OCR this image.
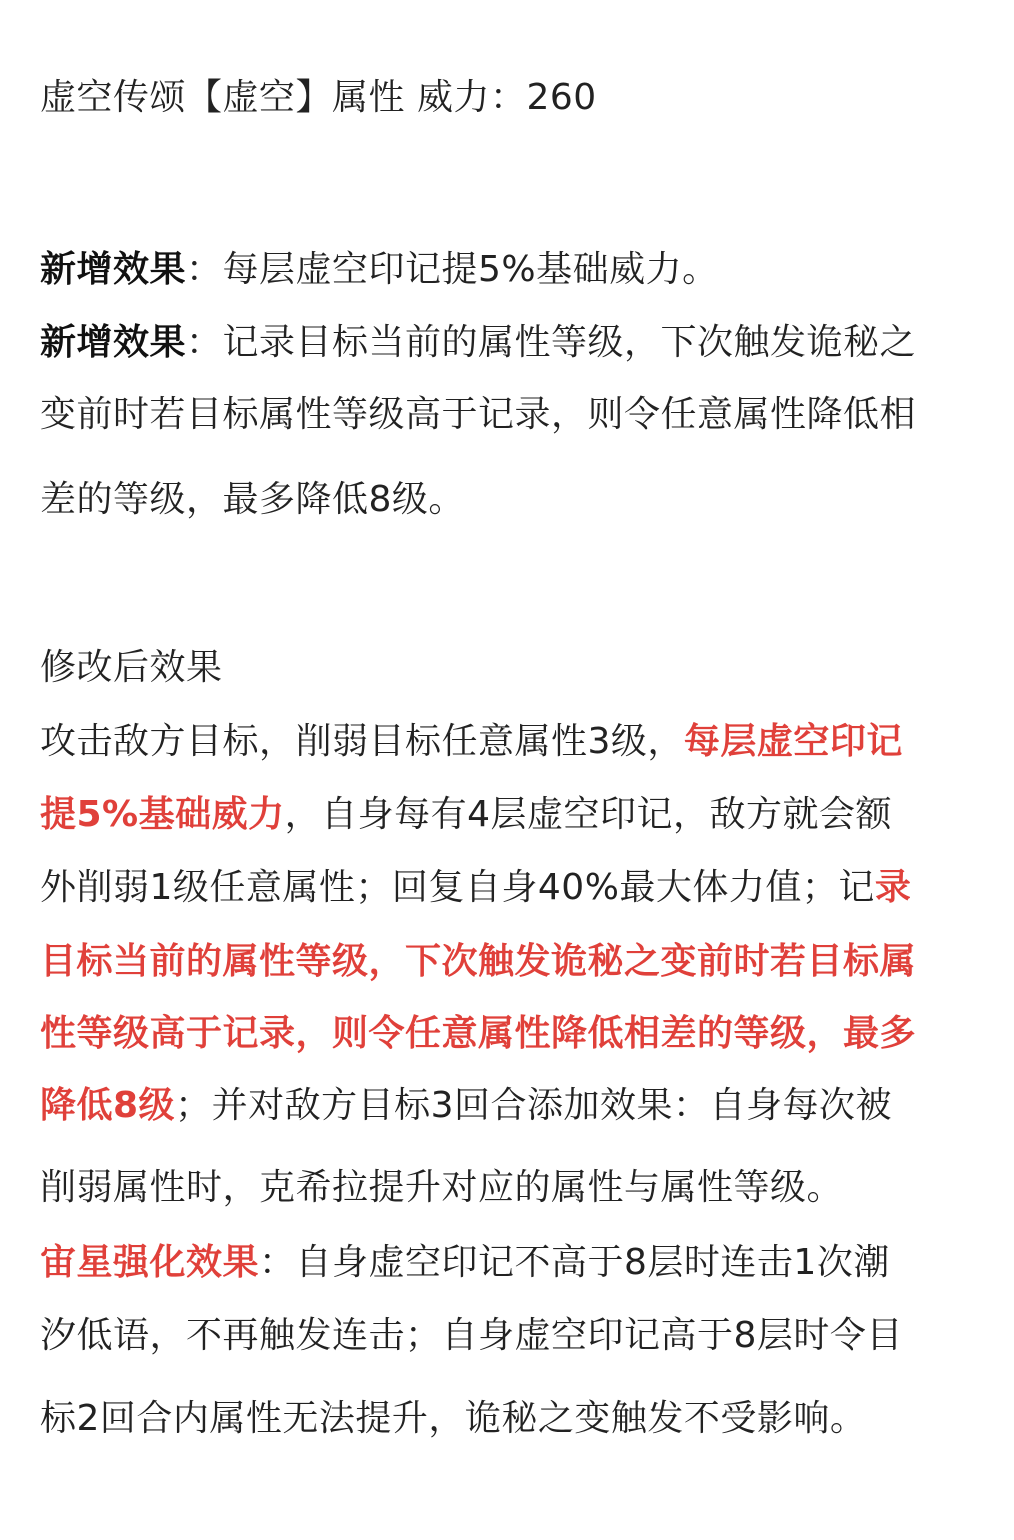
虚空传颂【虚空】属性 威力：260
新增效果：每层虚空印记提5%基础威力。
新增效果：记录目标当前的属性等级，下次触发诡秘之
变前时若目标属性等级高于记录，则令任意属性降低相
差的等级，最多降低8级。
修改后效果
攻击敌方目标，削弱目标任意属性3级，每层虚空印记
提5%基础威力，自身每有4层虚空印记，敌方就会额
外削弱1级任意属性；回复自身40%最大体力值；记录
目标当前的属性等级，下次触发诡秘之变前时若目标属
性等级高于记录，则令任意属性降低相差的等级，最多
降低8级；并对敌方目标3回合添加效果：自身每次被
削弱属性时，克希拉提升对应的属性与属性等级。
宙星强化效果：自身虚空印记不高于8层时连击1次潮
汐低语，不再触发连击；自身虚空印记高于8层时令目
标2回合内属性无法提升，诡秘之变触发不受影响。
